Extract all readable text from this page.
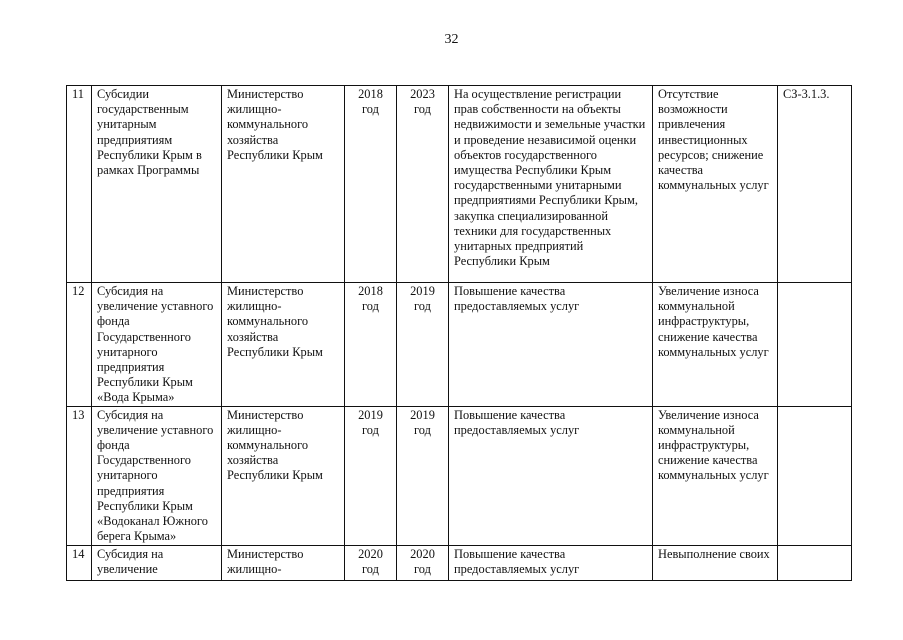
32
11	Субсидии государственным унитарным предприятиям Республики Крым в рамках Программы	Министерство жилищно-коммунального хозяйства Республики Крым	2018 год	2023 год	На осуществление регистрации прав собственности на объекты недвижимости и земельные участки и проведение независимой оценки объектов государственного имущества Республики Крым государственными унитарными предприятиями Республики Крым, закупка специализированной техники для государственных унитарных предприятий Республики Крым	Отсутствие возможности привлечения инвестиционных ресурсов; снижение качества коммунальных услуг	СЗ-3.1.3.
12	Субсидия на увеличение уставного фонда Государственного унитарного предприятия Республики Крым «Вода Крыма»	Министерство жилищно-коммунального хозяйства Республики Крым	2018 год	2019 год	Повышение качества предоставляемых услуг	Увеличение износа коммунальной инфраструктуры, снижение качества коммунальных услуг	
13	Субсидия на увеличение уставного фонда Государственного унитарного предприятия Республики Крым «Водоканал Южного берега Крыма»	Министерство жилищно-коммунального хозяйства Республики Крым	2019 год	2019 год	Повышение качества предоставляемых услуг	Увеличение износа коммунальной инфраструктуры, снижение качества коммунальных услуг	
14	Субсидия на увеличение	Министерство жилищно-	2020 год	2020 год	Повышение качества предоставляемых услуг	Невыполнение своих	
